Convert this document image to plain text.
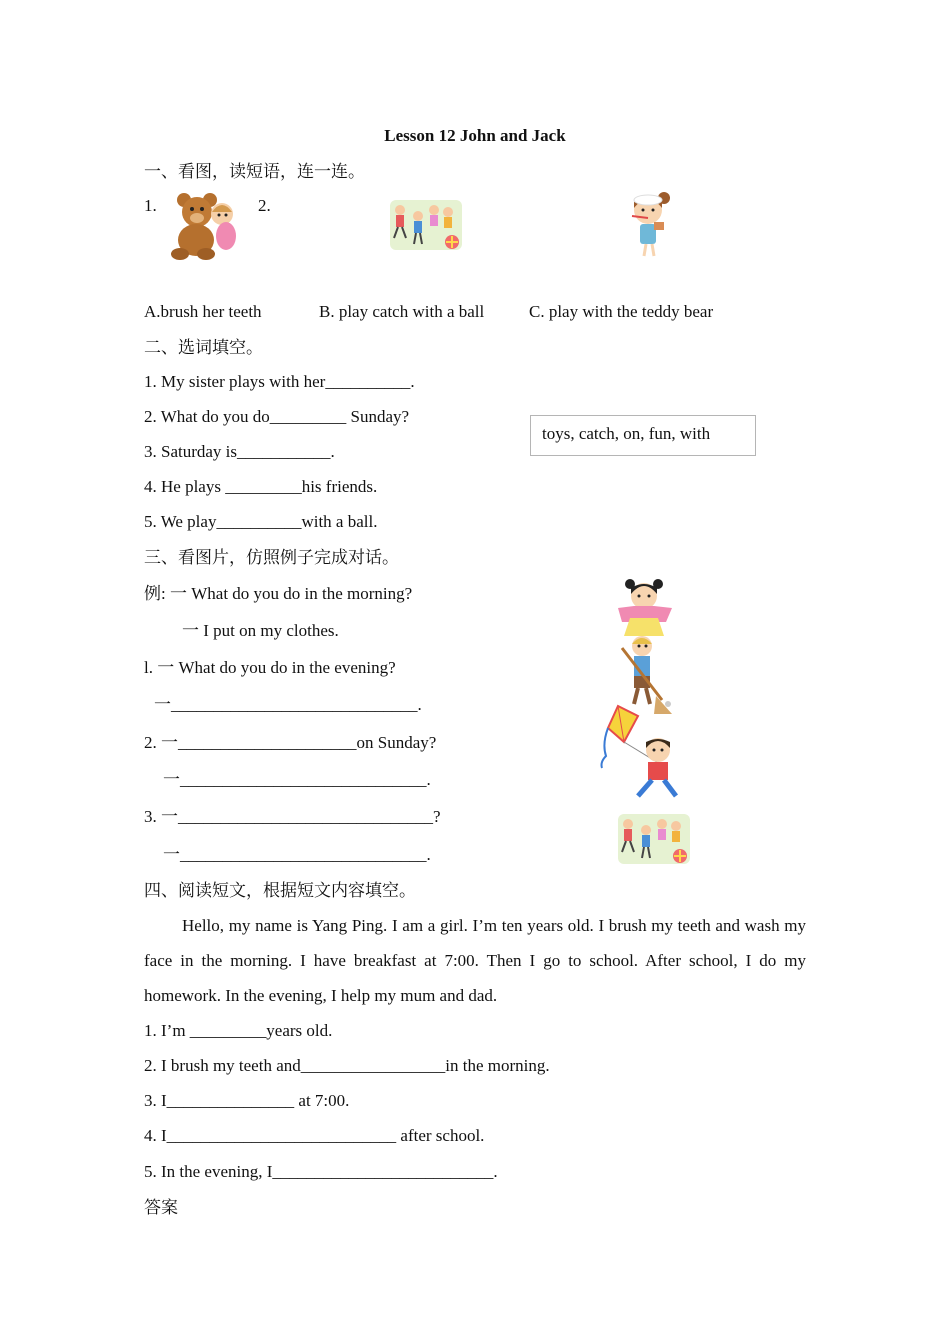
Lesson 12 John and Jack
一、看图，读短语，连一连。
1.	2.
A.brush her teeth	B. play catch with a ball	C. play with the teddy bear
二、选词填空。
1. My sister plays with her__________.
2. What do you do_________ Sunday?
3. Saturday is___________.
4. He plays _________his friends.
5. We play__________with a ball.
toys, catch, on, fun, with
三、看图片，仿照例子完成对话。
例: 一 What do you do in the morning?
一 I put on my clothes.
l. 一 What do you do in the evening?
一_____________________________.
2. 一_____________________on Sunday?
一_____________________________.
3. 一______________________________?
一_____________________________.
四、阅读短文，根据短文内容填空。
Hello, my name is Yang Ping. I am a girl. I’m ten years old. I brush my teeth and wash my face in the morning. I have breakfast at 7:00. Then I go to school. After school, I do my homework. In the evening, I help my mum and dad.
1. I’m _________years old.
2. I brush my teeth and_________________in the morning.
3. I_______________ at 7:00.
4. I___________________________ after school.
5. In the evening, I__________________________.
答案
